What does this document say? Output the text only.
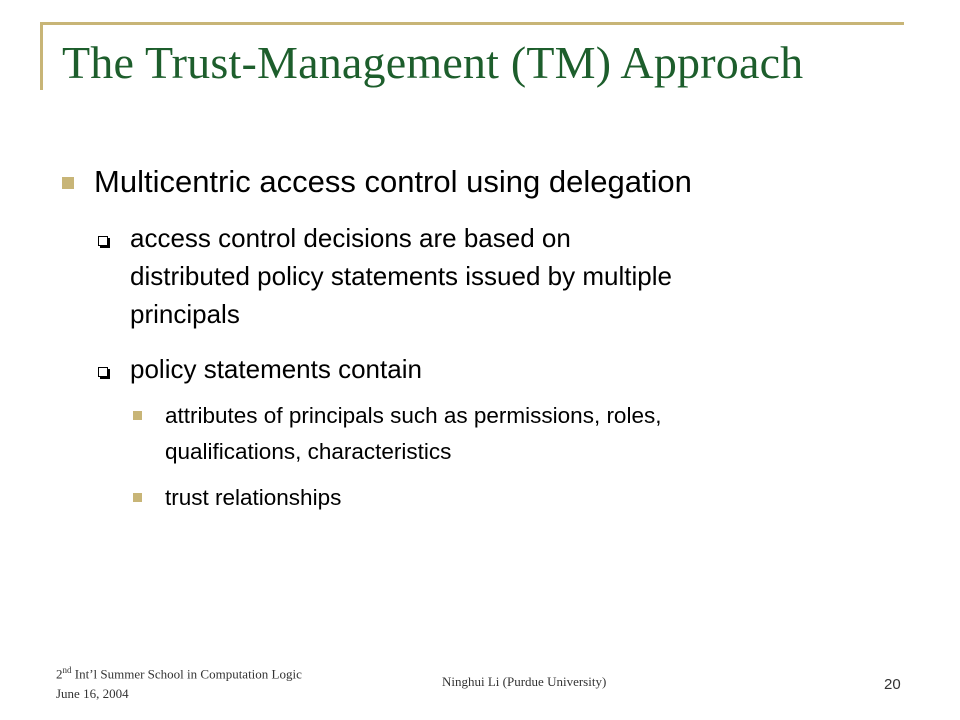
The Trust-Management (TM) Approach
Multicentric access control using delegation
access control decisions are based on
distributed policy statements issued by multiple
principals
policy statements contain
attributes of principals such as permissions, roles,
qualifications, characteristics
trust relationships
2nd Int’l Summer School in Computation Logic
June 16, 2004
Ninghui Li (Purdue University)	20
